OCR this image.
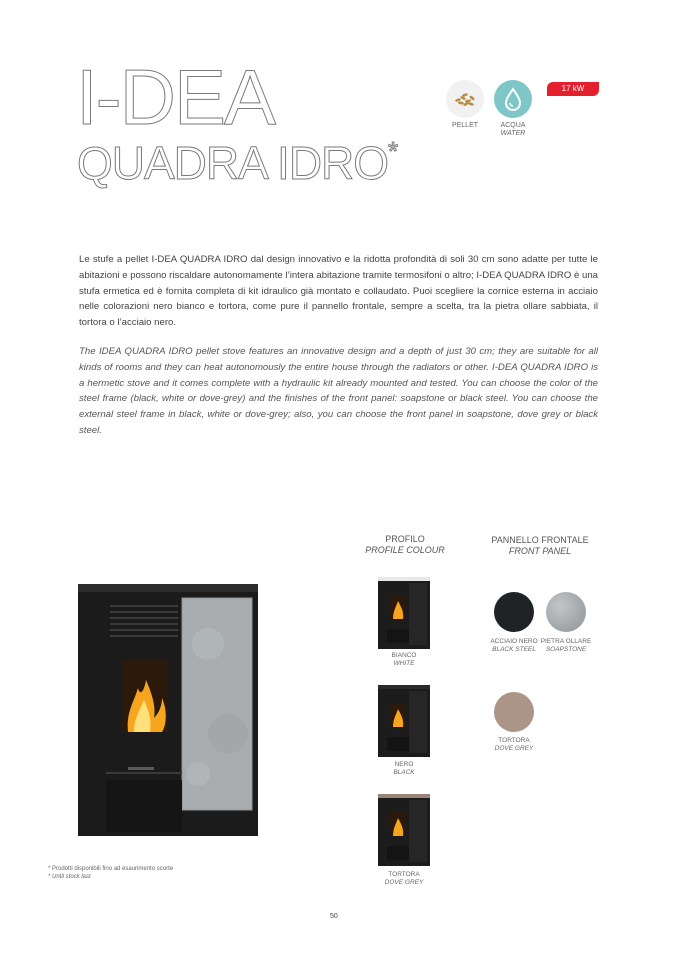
I-DEA
QUADRA IDRO*
PELLET	ACQUA
WATER
17 kW

Le stufe a pellet I-DEA QUADRA IDRO dal design innovativo e la ridotta profondità di soli 30 cm sono adatte per tutte le abitazioni e possono riscaldare autonomamente l’intera abitazione tramite termosifoni o altro; I-DEA QUADRA IDRO è una stufa ermetica ed è fornita completa di kit idraulico già montato e collaudato. Puoi scegliere la cornice esterna in acciaio nelle colorazioni nero bianco e tortora, come pure il pannello frontale, sempre a scelta, tra la pietra ollare sabbiata, il tortora o l’acciaio nero.

The IDEA QUADRA IDRO pellet stove features an innovative design and a depth of just 30 cm; they are suitable for all kinds of rooms and they can heat autonomously the entire house through the radiators or other. I-DEA QUADRA IDRO is a hermetic stove and it comes complete with a hydraulic kit already mounted and tested. You can choose the color of the steel frame (black, white or dove-grey) and the finishes of the front panel: soapstone or black steel. You can choose the external steel frame in black, white or dove-grey; also, you can choose the front panel in soapstone, dove grey or black steel.

PROFILO
PROFILE COLOUR
BIANCO
WHITE
NERO
BLACK
TORTORA
DOVE GREY
PANNELLO FRONTALE
FRONT PANEL
ACCIAIO NERO
BLACK STEEL
PIETRA OLLARE
SOAPSTONE
TORTORA
DOVE GREY
* Prodotti disponibili fino ad esaurimento scorte
* Until stock last
50
